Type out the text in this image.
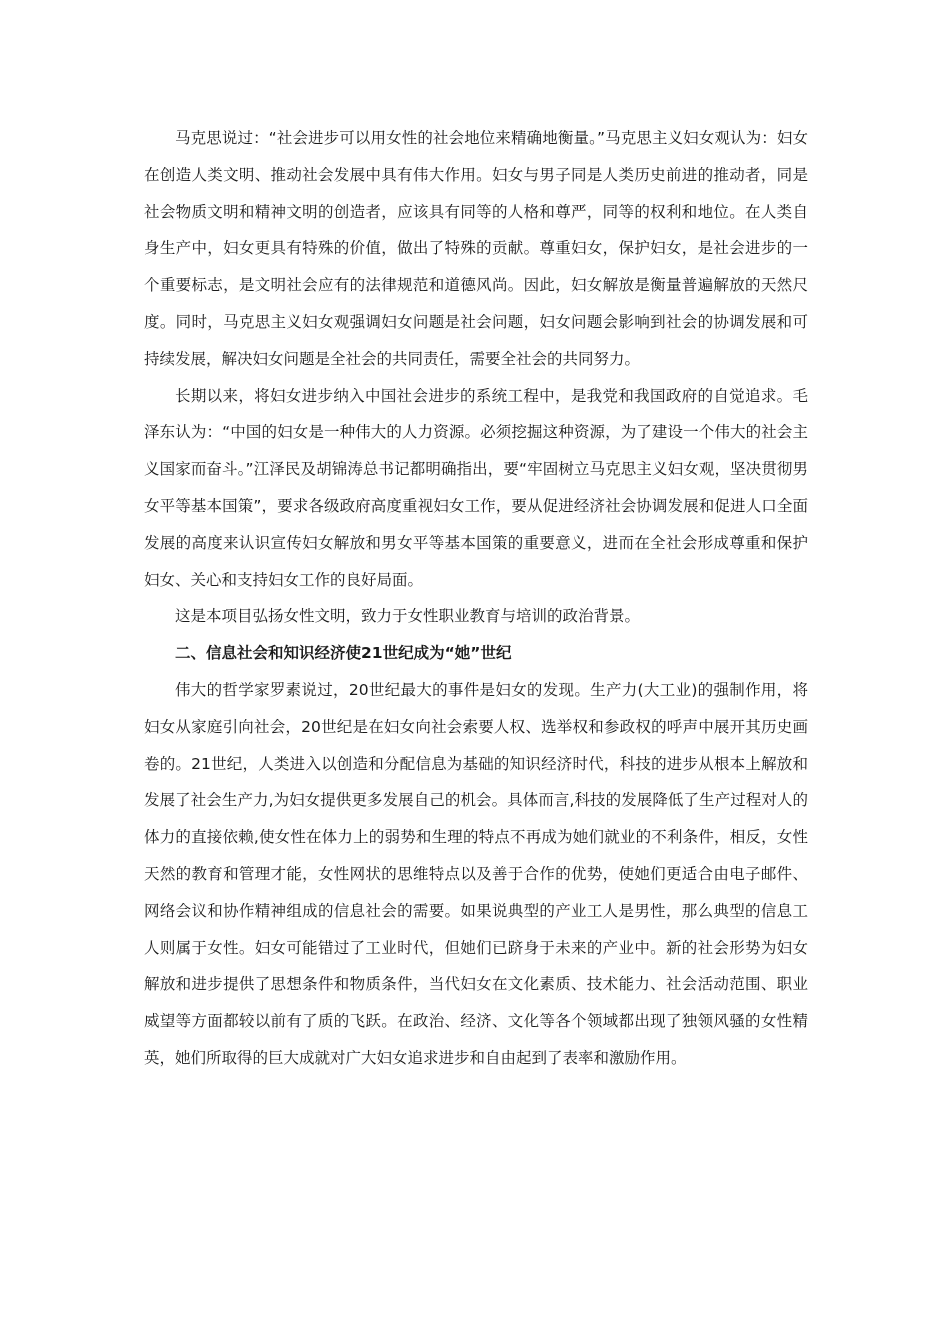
马克思说过：“社会进步可以用女性的社会地位来精确地衡量。”马克思主义妇女观认为：妇女在创造人类文明、推动社会发展中具有伟大作用。妇女与男子同是人类历史前进的推动者，同是社会物质文明和精神文明的创造者，应该具有同等的人格和尊严，同等的权利和地位。在人类自身生产中，妇女更具有特殊的价值，做出了特殊的贡献。尊重妇女，保护妇女，是社会进步的一个重要标志，是文明社会应有的法律规范和道德风尚。因此，妇女解放是衡量普遍解放的天然尺度。同时，马克思主义妇女观强调妇女问题是社会问题，妇女问题会影响到社会的协调发展和可持续发展，解决妇女问题是全社会的共同责任，需要全社会的共同努力。

长期以来，将妇女进步纳入中国社会进步的系统工程中，是我党和我国政府的自觉追求。毛泽东认为：“中国的妇女是一种伟大的人力资源。必须挖掘这种资源，为了建设一个伟大的社会主义国家而奋斗。”江泽民及胡锦涛总书记都明确指出，要“牢固树立马克思主义妇女观，坚决贯彻男女平等基本国策”，要求各级政府高度重视妇女工作，要从促进经济社会协调发展和促进人口全面发展的高度来认识宣传妇女解放和男女平等基本国策的重要意义，进而在全社会形成尊重和保护妇女、关心和支持妇女工作的良好局面。

这是本项目弘扬女性文明，致力于女性职业教育与培训的政治背景。

二、信息社会和知识经济使21世纪成为“她”世纪

伟大的哲学家罗素说过，20世纪最大的事件是妇女的发现。生产力(大工业)的强制作用，将妇女从家庭引向社会，20世纪是在妇女向社会索要人权、选举权和参政权的呼声中展开其历史画卷的。21世纪，人类进入以创造和分配信息为基础的知识经济时代，科技的进步从根本上解放和发展了社会生产力,为妇女提供更多发展自己的机会。具体而言,科技的发展降低了生产过程对人的体力的直接依赖,使女性在体力上的弱势和生理的特点不再成为她们就业的不利条件，相反，女性天然的教育和管理才能，女性网状的思维特点以及善于合作的优势，使她们更适合由电子邮件、网络会议和协作精神组成的信息社会的需要。如果说典型的产业工人是男性，那么典型的信息工人则属于女性。妇女可能错过了工业时代，但她们已跻身于未来的产业中。新的社会形势为妇女解放和进步提供了思想条件和物质条件，当代妇女在文化素质、技术能力、社会活动范围、职业威望等方面都较以前有了质的飞跃。在政治、经济、文化等各个领域都出现了独领风骚的女性精英，她们所取得的巨大成就对广大妇女追求进步和自由起到了表率和激励作用。
